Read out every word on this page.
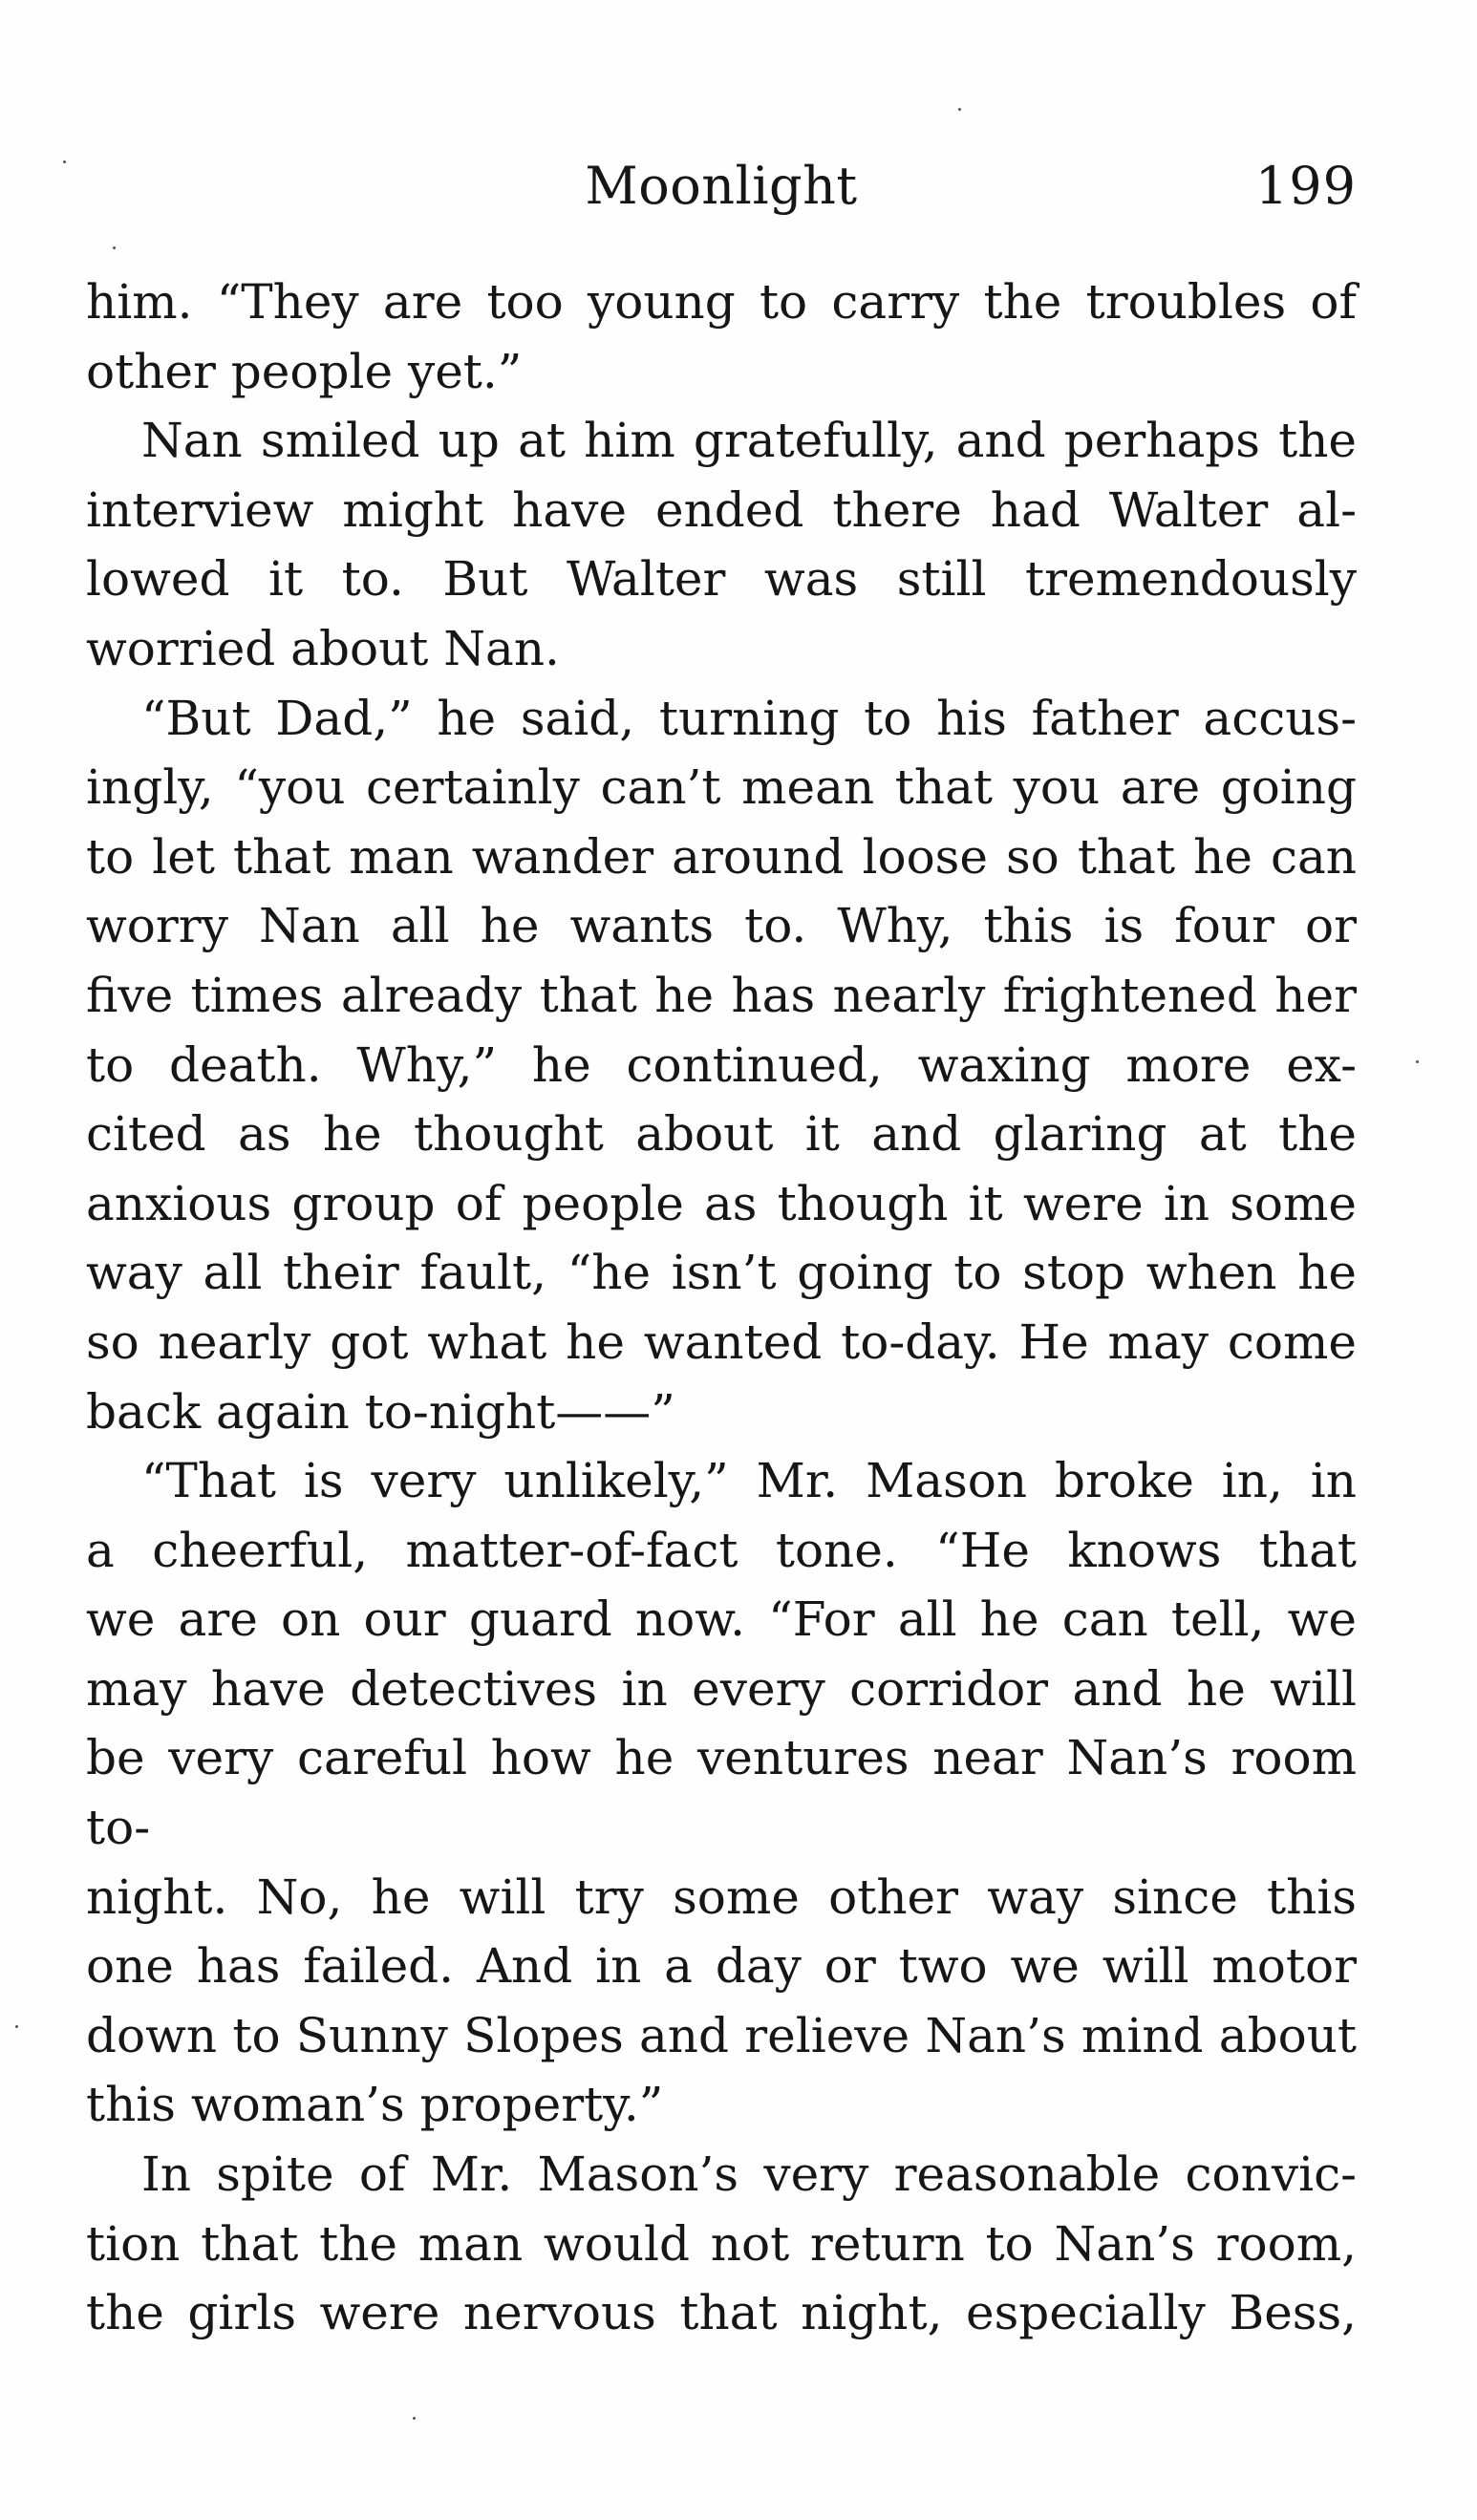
Moonlight	199

him. “They are too young to carry the troubles of

other people yet.”

Nan smiled up at him gratefully, and perhaps the

interview might have ended there had Walter al-

lowed it to. But Walter was still tremendously

worried about Nan.

“But Dad,” he said, turning to his father accus-

ingly, “you certainly can’t mean that you are going

to let that man wander around loose so that he can

worry Nan all he wants to. Why, this is four or

five times already that he has nearly frightened her

to death. Why,” he continued, waxing more ex-

cited as he thought about it and glaring at the

anxious group of people as though it were in some

way all their fault, “he isn’t going to stop when he

so nearly got what he wanted to-day. He may come

back again to-night——”

“That is very unlikely,” Mr. Mason broke in, in

a cheerful, matter-of-fact tone. “He knows that

we are on our guard now. “For all he can tell, we

may have detectives in every corridor and he will

be very careful how he ventures near Nan’s room to-

night. No, he will try some other way since this

one has failed. And in a day or two we will motor

down to Sunny Slopes and relieve Nan’s mind about

this woman’s property.”

In spite of Mr. Mason’s very reasonable convic-

tion that the man would not return to Nan’s room,

the girls were nervous that night, especially Bess,
